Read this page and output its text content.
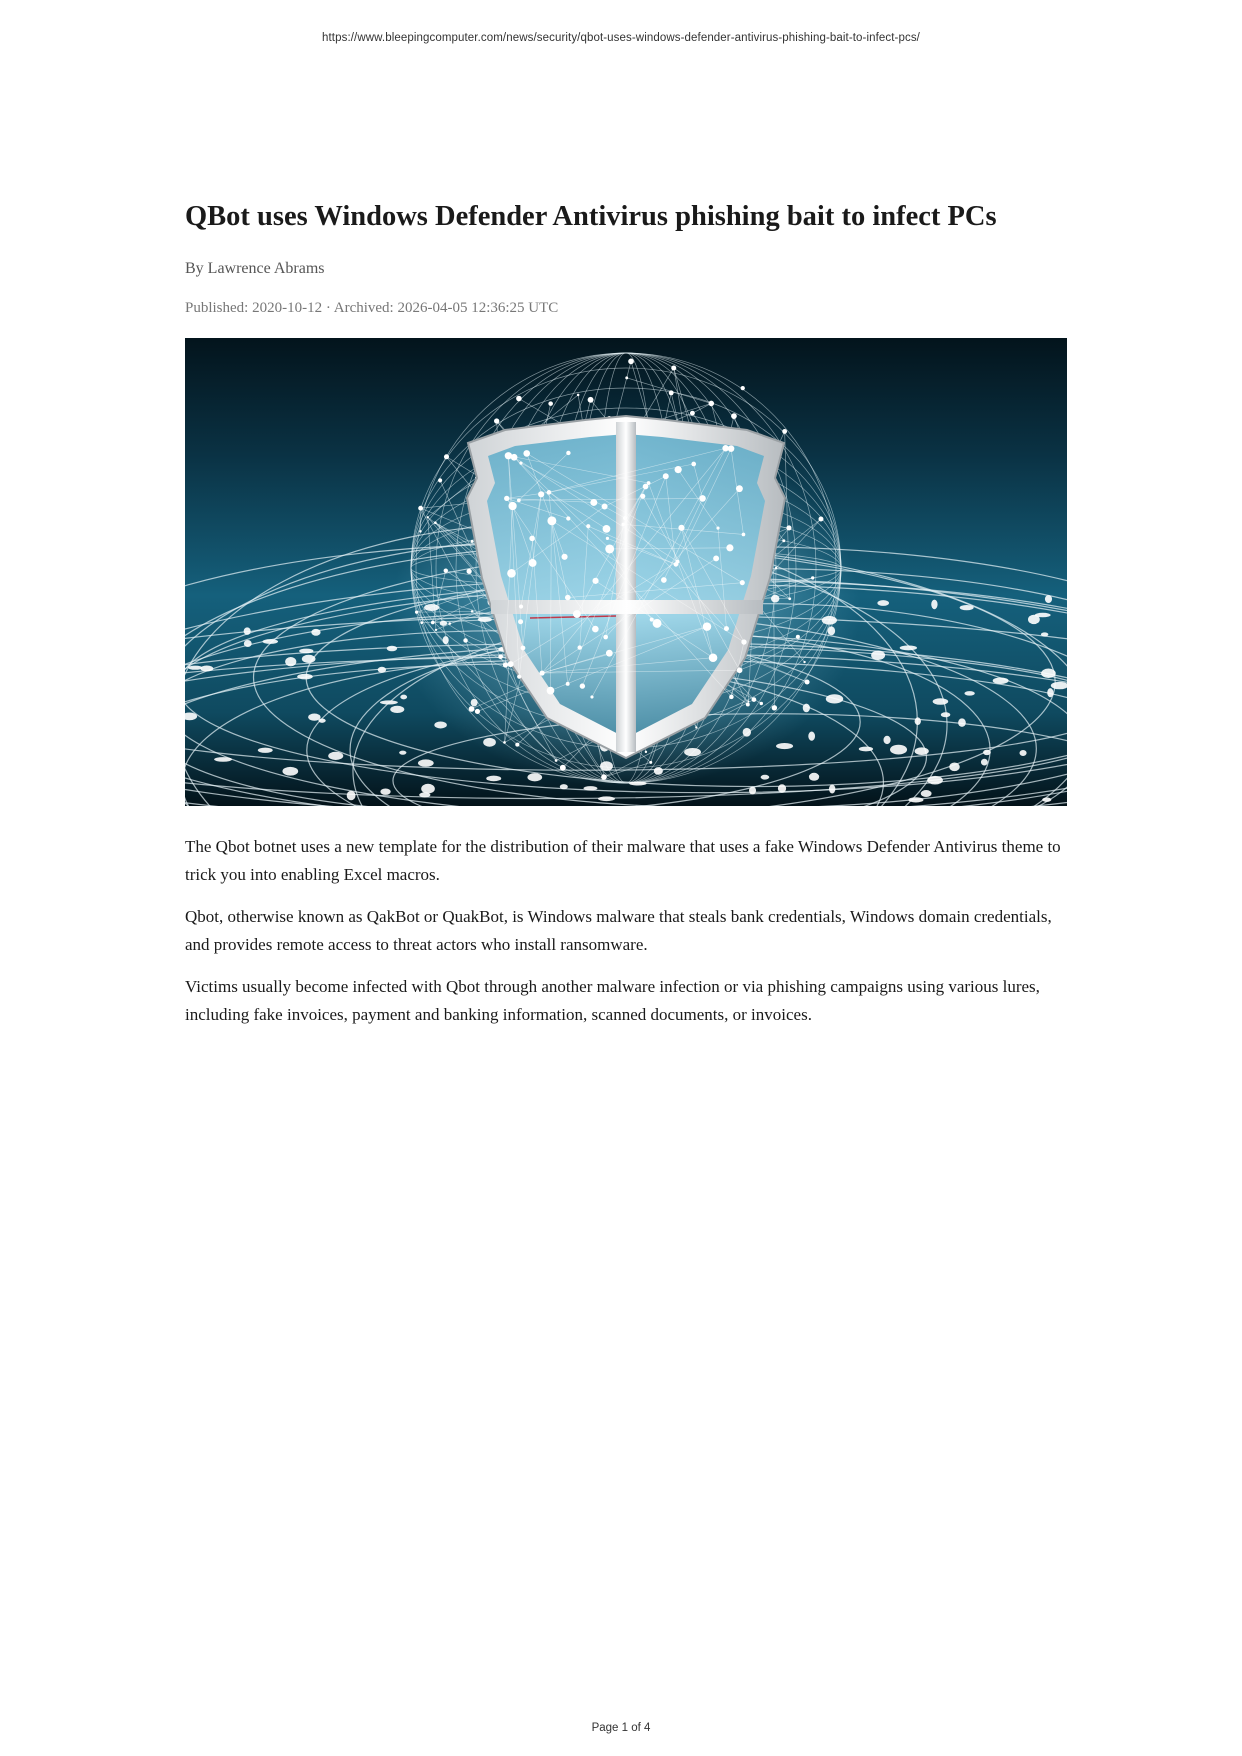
https://www.bleepingcomputer.com/news/security/qbot-uses-windows-defender-antivirus-phishing-bait-to-infect-pcs/
QBot uses Windows Defender Antivirus phishing bait to infect PCs
By Lawrence Abrams
Published: 2020-10-12 · Archived: 2026-04-05 12:36:25 UTC

The Qbot botnet uses a new template for the distribution of their malware that uses a fake Windows Defender Antivirus theme to trick you into enabling Excel macros.

Qbot, otherwise known as QakBot or QuakBot, is Windows malware that steals bank credentials, Windows domain credentials, and provides remote access to threat actors who install ransomware.

Victims usually become infected with Qbot through another malware infection or via phishing campaigns using various lures, including fake invoices, payment and banking information, scanned documents, or invoices.

Page 1 of 4
